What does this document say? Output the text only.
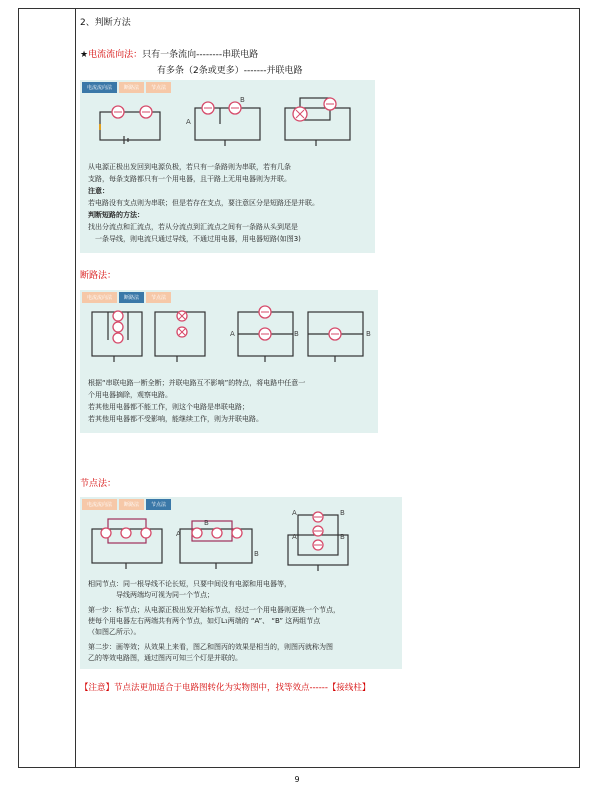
2、判断方法
★电流流向法：只有一条流向--------串联电路
有多条（2条或更多）-------并联电路
电流流向法	断路法	节点法
A
B
从电源正极出发回到电源负极，若只有一条路则为串联，若有几条
支路，每条支路都只有一个用电器，且干路上无用电器则为并联。
注意：
若电路没有支点则为串联；但是若存在支点，要注意区分是短路还是并联。
判断短路的方法：
找出分流点和汇流点，若从分流点到汇流点之间有一条路从头到尾是
一条导线，则电流只通过导线，不通过用电器，用电器短路(如图3)
断路法：
电流流向法	断路法	节点法
A	B	B
根据“串联电路一断全断；并联电路互不影响”的特点，将电路中任意一
个用电器摘除，观察电路。
若其他用电器都不能工作，则这个电路是串联电路；
若其他用电器都不受影响，能继续工作，则为并联电路。
节点法：
电流流向法	断路法	节点法
A
B
B
A	B
A	B
相同节点：同一根导线不论长短，只要中间没有电源和用电器等，
导线两端均可视为同一个节点；
第一步：标节点；从电源正极出发开始标节点，经过一个用电器则更换一个节点，
使每个用电器左右两端共有两个节点，如灯L₁两端的 “A”、 “B” 这两组节点
（如图乙所示）。
第二步：画等效；从效果上来看，图乙和图丙的效果是相当的，则图丙就称为图
乙的等效电路图，通过图丙可知三个灯是并联的。
【注意】节点法更加适合于电路图转化为实物图中，找等效点------【接线柱】
9
